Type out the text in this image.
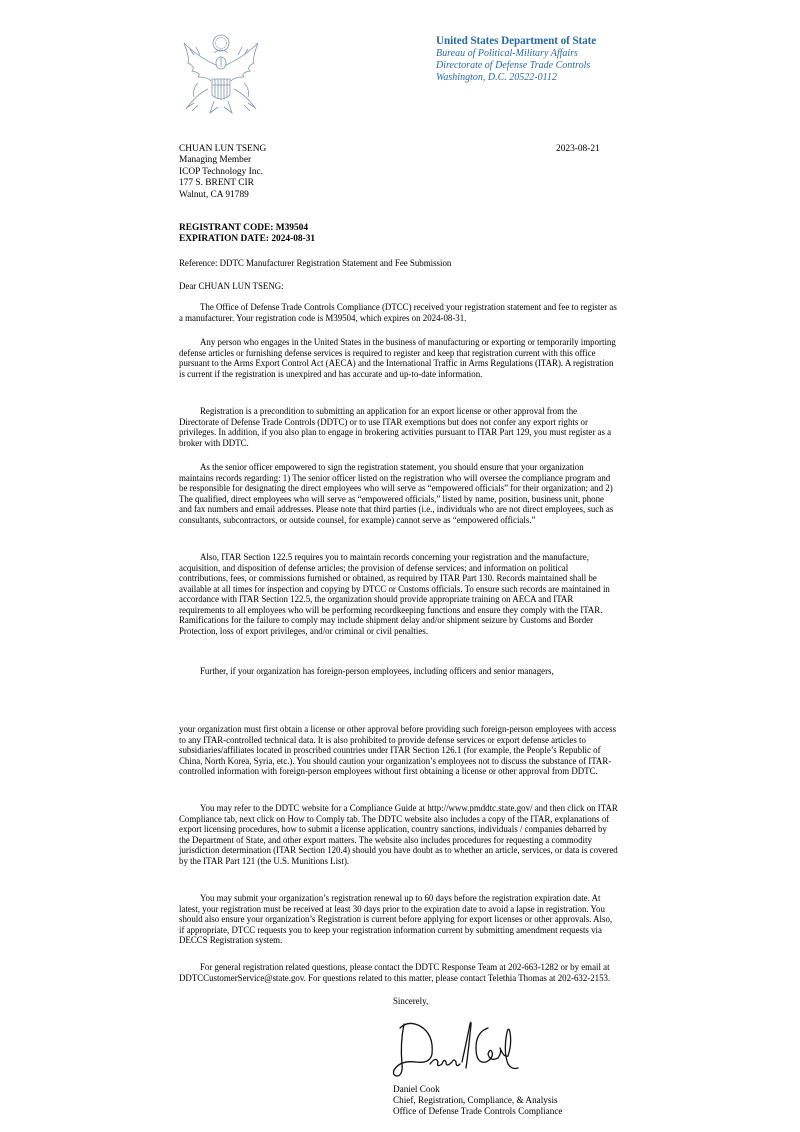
United States Department of State
Bureau of Political-Military Affairs
Directorate of Defense Trade Controls
Washington, D.C. 20522-0112
CHUAN LUN TSENG
Managing Member
ICOP Technology Inc.
177 S. BRENT CIR
Walnut, CA 91789
2023-08-21
REGISTRANT CODE: M39504
EXPIRATION DATE: 2024-08-31
Reference: DDTC Manufacturer Registration Statement and Fee Submission
Dear CHUAN LUN TSENG:

The Office of Defense Trade Controls Compliance (DTCC) received your registration statement and fee to register as a manufacturer. Your registration code is M39504, which expires on 2024-08-31.

Any person who engages in the United States in the business of manufacturing or exporting or temporarily importing defense articles or furnishing defense services is required to register and keep that registration current with this office pursuant to the Arms Export Control Act (AECA) and the International Traffic in Arms Regulations (ITAR). A registration is current if the registration is unexpired and has accurate and up-to-date information.

Registration is a precondition to submitting an application for an export license or other approval from the Directorate of Defense Trade Controls (DDTC) or to use ITAR exemptions but does not confer any export rights or privileges. In addition, if you also plan to engage in brokering activities pursuant to ITAR Part 129, you must register as a broker with DDTC.

As the senior officer empowered to sign the registration statement, you should ensure that your organization maintains records regarding: 1) The senior officer listed on the registration who will oversee the compliance program and be responsible for designating the direct employees who will serve as “empowered officials” for their organization; and 2) The qualified, direct employees who will serve as “empowered officials,” listed by name, position, business unit, phone and fax numbers and email addresses. Please note that third parties (i.e., individuals who are not direct employees, such as consultants, subcontractors, or outside counsel, for example) cannot serve as “empowered officials.”

Also, ITAR Section 122.5 requires you to maintain records concerning your registration and the manufacture, acquisition, and disposition of defense articles; the provision of defense services; and information on political contributions, fees, or commissions furnished or obtained, as required by ITAR Part 130. Records maintained shall be available at all times for inspection and copying by DTCC or Customs officials. To ensure such records are maintained in accordance with ITAR Section 122.5, the organization should provide appropriate training on AECA and ITAR requirements to all employees who will be performing recordkeeping functions and ensure they comply with the ITAR. Ramifications for the failure to comply may include shipment delay and/or shipment seizure by Customs and Border Protection, loss of export privileges, and/or criminal or civil penalties.

Further, if your organization has foreign-person employees, including officers and senior managers,

your organization must first obtain a license or other approval before providing such foreign-person employees with access to any ITAR-controlled technical data. It is also prohibited to provide defense services or export defense articles to subsidiaries/affiliates located in proscribed countries under ITAR Section 126.1 (for example, the People’s Republic of China, North Korea, Syria, etc.). You should caution your organization’s employees not to discuss the substance of ITAR-controlled information with foreign-person employees without first obtaining a license or other approval from DDTC.

You may refer to the DDTC website for a Compliance Guide at http://www.pmddtc.state.gov/ and then click on ITAR Compliance tab, next click on How to Comply tab. The DDTC website also includes a copy of the ITAR, explanations of export licensing procedures, how to submit a license application, country sanctions, individuals / companies debarred by the Department of State, and other export matters. The website also includes procedures for requesting a commodity jurisdiction determination (ITAR Section 120.4) should you have doubt as to whether an article, services, or data is covered by the ITAR Part 121 (the U.S. Munitions List).

You may submit your organization’s registration renewal up to 60 days before the registration expiration date. At latest, your registration must be received at least 30 days prior to the expiration date to avoid a lapse in registration. You should also ensure your organization’s Registration is current before applying for export licenses or other approvals. Also, if appropriate, DTCC requests you to keep your registration information current by submitting amendment requests via DECCS Registration system.

For general registration related questions, please contact the DDTC Response Team at 202-663-1282 or by email at DDTCCustomerService@state.gov. For questions related to this matter, please contact Telethia Thomas at 202-632-2153.

Sincerely,
Daniel Cook
Chief, Registration, Compliance, & Analysis
Office of Defense Trade Controls Compliance
